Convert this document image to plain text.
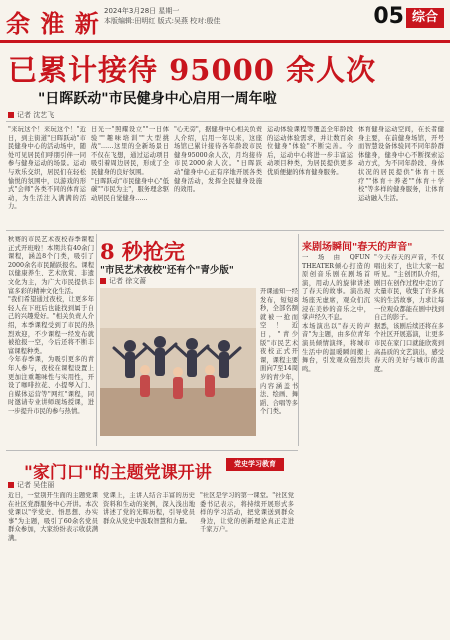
余 淮 新 2024年3月28日 星期一
本版编辑:田明红 版式:吴燕 校对:殷佳	05 综合
已累计接待 95000 余人次
"日晖跃动"市民健身中心启用一周年啦
记者 沈艺飞
"来玩这个！来玩这个！"近日，到主街道"日晖跃动"市民健身中心的活动场中，随处可见居民们呼朋引伴一同参与健身运动的场景。运动与欢乐交织，居民们在轻松愉悦的氛围中，以游戏的形式"会师"各类不同的体育运动，为生活注入满满的活力。
日光一"照耀设立""一日体验""趣味培训""大型挑战"……这里的全新场景日不仅在飞想，通过运动项目吸引着周边居民，形成了全民健身的良好氛围。
"日晖跃动"市民健身中心"低碳""市民为主"，服务理念驱动居民自觉健身……
"心无旁"，据健身中心相关负责人介绍，启用一年以来，这座场馆已累计接待各年龄段市民健身95000余人次，月均接待市民2000余人次。"日晖跃动"健身中心正有序地开展各类健身活动，发挥全民健身设施的效用。
运动体验课程等覆盖全年龄段的运动体验需求，并让数百余位健身"体验"不断完善。今后，运动中心将进一步丰富运动项目种类，为居民提供更多优质便捷的体育健身服务。
体育健身运动空间，在长者健身主要，在前健身场馆，开号而智慧设备体验同不同年龄群体健身，健身中心不断探索运动方式，为不同年龄段、身体状况的居民提供"体育＋医疗""体育＋养老""体育＋学校"等多样的健身服务，让体育运动融入生活。
秋赛的市民艺术夜校春季课程正式开班啦！本期共有40余门课程，涵盖8个门类，吸引了2000余名市民踊跃报名。课程以健康养生、艺术欣赏、非遗文化为主，为广大市民提供丰富多彩的精神文化生活。
"我们希望通过夜校，让更多年轻人在下班后也能找到属于自己的兴趣爱好。"相关负责人介绍，本季课程受到了市民的热烈欢迎，不少课程一经发布就被抢报一空，今后还将不断丰富课程种类。
今年春季课，为吸引更多的青年人参与，夜校在课程设置上更加注重趣味性与实用性，开设了咖啡拉花、小提琴入门、自媒体运营等"网红"课程，同时邀请专业讲师现场授课，进一步提升市民的参与热情。
8 秒抢完
"市民艺术夜校"还有个"青少版"
记者 徐文蔷
开课通知一经发布，短短8秒，全部名额就被一抢而空！近日，"青少版"市民艺术夜校正式开课，课程主要面向7至14周岁的青少年，内容涵盖书法、绘画、舞蹈、合唱等多个门类。
来剧场瞬间"春天的声音"
一场由QFUN THEATER倾心打造的原创音乐剧在剧场首演，用动人的旋律讲述了春天的故事。演出现场座无虚席，观众们沉浸在美妙的音乐之中，掌声经久不息。
本场演出以"春天的声音"为主题，由多位青年演员倾情演绎，将城市生活中的温暖瞬间搬上舞台，引发观众强烈共鸣。
"今天春天的声音，不仅唱出来了，也让大家一起听见。"主创团队介绍，剧目在创作过程中走访了大量市民，收集了许多真实的生活故事，力求让每一位观众都能在剧中找到自己的影子。
据悉，该剧后续还将在多个社区开展巡演，让更多市民在家门口就能欣赏到高品质的文艺演出，感受春天的美好与城市的温度。
"家门口"的主题党课开讲	党史学习教育
记者 吴佳丽
近日，一堂别开生面的主题党课在社区党群服务中心开讲。本次党课以"学党史、悟思想、办实事"为主题，吸引了60余名党员群众参加，大家纷纷表示收获满满。
党课上，主讲人结合丰富的历史资料和生动的案例，深入浅出地讲述了党的光辉历程，引导党员群众从党史中汲取智慧和力量。
"社区是学习的第一课堂。"社区党委书记表示，将持续开展形式多样的学习活动，把党课送到群众身边，让党的创新理论真正走进千家万户。
